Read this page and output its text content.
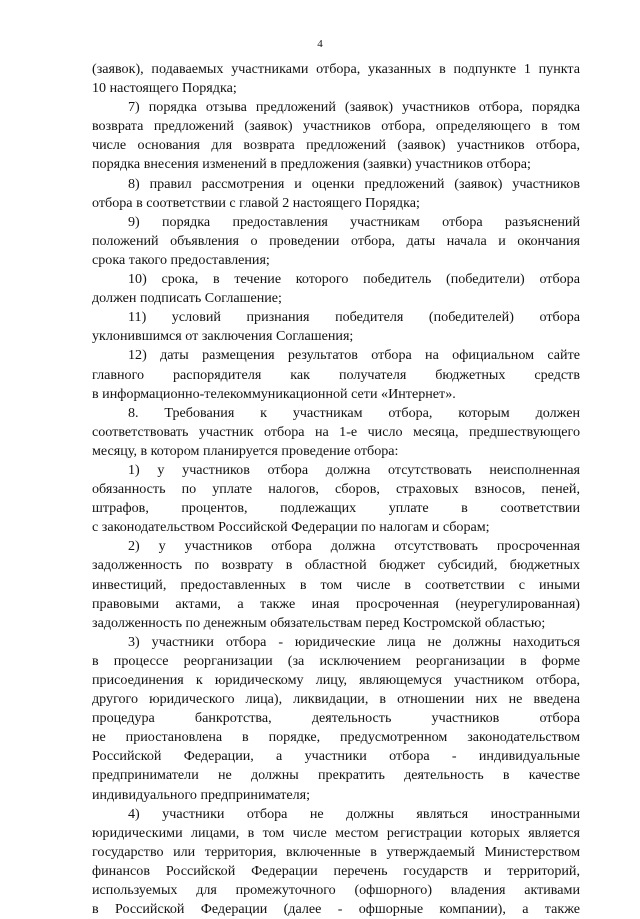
4
(заявок), подаваемых участниками отбора, указанных в подпункте 1 пункта
10 настоящего Порядка;
7) порядка отзыва предложений (заявок) участников отбора, порядка
возврата предложений (заявок) участников отбора, определяющего в том
числе основания для возврата предложений (заявок) участников отбора,
порядка внесения изменений в предложения (заявки) участников отбора;
8) правил рассмотрения и оценки предложений (заявок) участников
отбора в соответствии с главой 2 настоящего Порядка;
9) порядка предоставления участникам отбора разъяснений
положений объявления о проведении отбора, даты начала и окончания
срока такого предоставления;
10) срока, в течение которого победитель (победители) отбора
должен подписать Соглашение;
11) условий признания победителя (победителей) отбора
уклонившимся от заключения Соглашения;
12) даты размещения результатов отбора на официальном сайте
главного распорядителя как получателя бюджетных средств
в информационно-телекоммуникационной сети «Интернет».
8. Требования к участникам отбора, которым должен
соответствовать участник отбора на 1-е число месяца, предшествующего
месяцу, в котором планируется проведение отбора:
1) у участников отбора должна отсутствовать неисполненная
обязанность по уплате налогов, сборов, страховых взносов, пеней,
штрафов, процентов, подлежащих уплате в соответствии
с законодательством Российской Федерации по налогам и сборам;
2) у участников отбора должна отсутствовать просроченная
задолженность по возврату в областной бюджет субсидий, бюджетных
инвестиций, предоставленных в том числе в соответствии с иными
правовыми актами, а также иная просроченная (неурегулированная)
задолженность по денежным обязательствам перед Костромской областью;
3) участники отбора - юридические лица не должны находиться
в процессе реорганизации (за исключением реорганизации в форме
присоединения к юридическому лицу, являющемуся участником отбора,
другого юридического лица), ликвидации, в отношении них не введена
процедура банкротства, деятельность участников отбора
не приостановлена в порядке, предусмотренном законодательством
Российской Федерации, а участники отбора - индивидуальные
предприниматели не должны прекратить деятельность в качестве
индивидуального предпринимателя;
4) участники отбора не должны являться иностранными
юридическими лицами, в том числе местом регистрации которых является
государство или территория, включенные в утверждаемый Министерством
финансов Российской Федерации перечень государств и территорий,
используемых для промежуточного (офшорного) владения активами
в Российской Федерации (далее - офшорные компании), а также
